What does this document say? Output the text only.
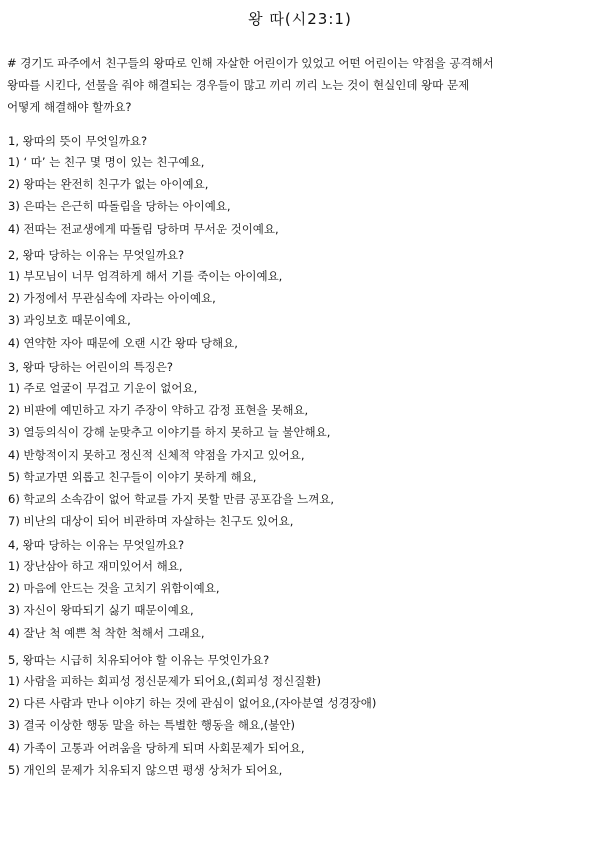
왕 따(시23:1)
# 경기도 파주에서 친구들의 왕따로 인해 자살한 어린이가 있었고 어떤 어린이는 약점을 공격해서
왕따를 시킨다, 선물을 줘야 해결되는 경우들이 많고 끼리 끼리 노는 것이 현실인데 왕따 문제
어떻게 해결해야 할까요?
1, 왕따의 뜻이 무엇일까요?
1) ‘ 따’ 는 친구 몇 명이 있는 친구예요,
2) 왕따는 완전히 친구가 없는 아이예요,
3) 은따는 은근히 따돌림을 당하는 아이예요,
4) 전따는 전교생에게 따돌림 당하며 무서운 것이예요,
2, 왕따 당하는 이유는 무엇일까요?
1) 부모님이 너무 엄격하게 해서 기를 죽이는 아이예요,
2) 가정에서 무관심속에 자라는 아이예요,
3) 과잉보호 때문이예요,
4) 연약한 자아 때문에 오랜 시간 왕따 당해요,
3, 왕따 당하는 어린이의 특징은?
1) 주로 얼굴이 무겁고 기운이 없어요,
2) 비판에 예민하고 자기 주장이 약하고 감정 표현을 못해요,
3) 열등의식이 강해 눈맞추고 이야기를 하지 못하고 늘 불안해요,
4) 반항적이지 못하고 정신적 신체적 약점을 가지고 있어요,
5) 학교가면 외롭고 친구들이 이야기 못하게 해요,
6) 학교의 소속감이 없어 학교를 가지 못할 만큼 공포감을 느껴요,
7) 비난의 대상이 되어 비관하며 자살하는 친구도 있어요,
4, 왕따 당하는 이유는 무엇일까요?
1) 장난삼아 하고 재미있어서 해요,
2) 마음에 안드는 것을 고치기 위함이예요,
3) 자신이 왕따되기 싫기 때문이예요,
4) 잘난 척 예쁜 척 착한 척해서 그래요,
5, 왕따는 시급히 치유되어야 할 이유는 무엇인가요?
1) 사람을 피하는 회피성 정신문제가 되어요,(회피성 정신질환)
2) 다른 사람과 만나 이야기 하는 것에 관심이 없어요,(자아분열 성경장애)
3) 결국 이상한 행동 말을 하는 특별한 행동을 해요,(불안)
4) 가족이 고통과 어려움을 당하게 되며 사회문제가 되어요,
5) 개인의 문제가 치유되지 않으면 평생 상처가 되어요,
